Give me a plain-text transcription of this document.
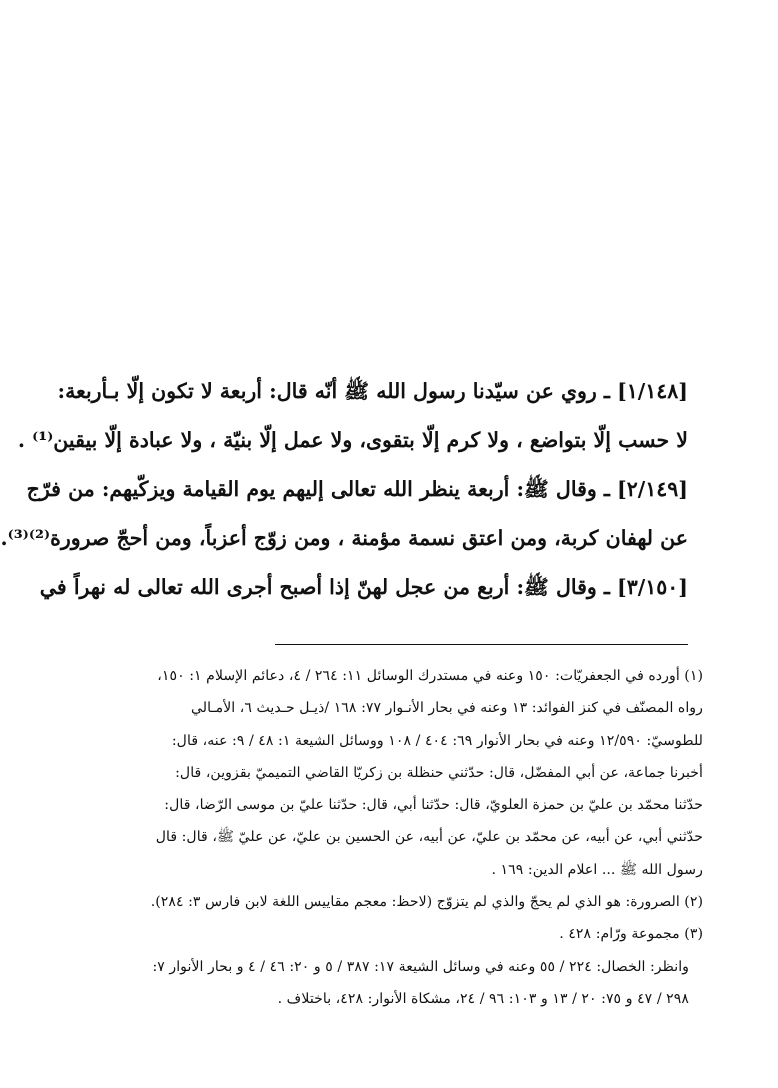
[١/١٤٨] ـ روي عن سيّدنا رسول الله ﷺ أنّه قال: أربعة لا تكون إلّا بـأربعة:
لا حسب إلّا بتواضع ، ولا كرم إلّا بتقوى، ولا عمل إلّا بنيّة ، ولا عبادة إلّا بيقين⁽¹⁾ .
[٢/١٤٩] ـ وقال ﷺ: أربعة ينظر الله تعالى إليهم يوم القيامة ويزكّيهم: من فرّج
عن لهفان كربة، ومن اعتق نسمة مؤمنة ، ومن زوّج أعزباً، ومن أحجّ صرورة⁽²⁾⁽³⁾.
[٣/١٥٠] ـ وقال ﷺ: أربع من عجل لهنّ إذا أصبح أجرى الله تعالى له نهراً في
(١) أورده في الجعفريّات: ١٥٠ وعنه في مستدرك الوسائل ١١: ٢٦٤ / ٤، دعائم الإسلام ١: ١٥٠،
رواه المصنّف في كنز الفوائد: ١٣ وعنه في بحار الأنـوار ٧٧: ١٦٨ /ذيـل حـديث ٦، الأمـالي
للطوسيّ: ١٢/٥٩٠ وعنه في بحار الأنوار ٦٩: ٤٠٤ / ١٠٨ ووسائل الشيعة ١: ٤٨ / ٩: عنه، قال:
أخبرنا جماعة، عن أبي المفضّل، قال: حدّثني حنظلة بن زكريّا القاضي التميميّ بقزوين، قال:
حدّثنا محمّد بن عليّ بن حمزة العلويّ، قال: حدّثنا أبي، قال: حدّثنا عليّ بن موسى الرّضا، قال:
حدّثني أبي، عن أبيه، عن محمّد بن عليّ، عن أبيه، عن الحسين بن عليّ، عن عليّ ﷺ، قال: قال
رسول الله ﷺ ... اعلام الدين: ١٦٩ .
(٢) الصرورة: هو الذي لم يحجّ والذي لم يتزوّج (لاحظ: معجم مقاييس اللغة لابن فارس ٣: ٢٨٤).
(٣) مجموعة ورّام: ٤٢٨ .
وانظر: الخصال: ٢٢٤ / ٥٥ وعنه في وسائل الشيعة ١٧: ٣٨٧ / ٥ و ٢٠: ٤٦ / ٤ و بحار الأنوار ٧:
٢٩٨ / ٤٧ و ٧٥: ٢٠ / ١٣ و ١٠٣: ٩٦ / ٢٤، مشكاة الأنوار: ٤٢٨، باختلاف .
